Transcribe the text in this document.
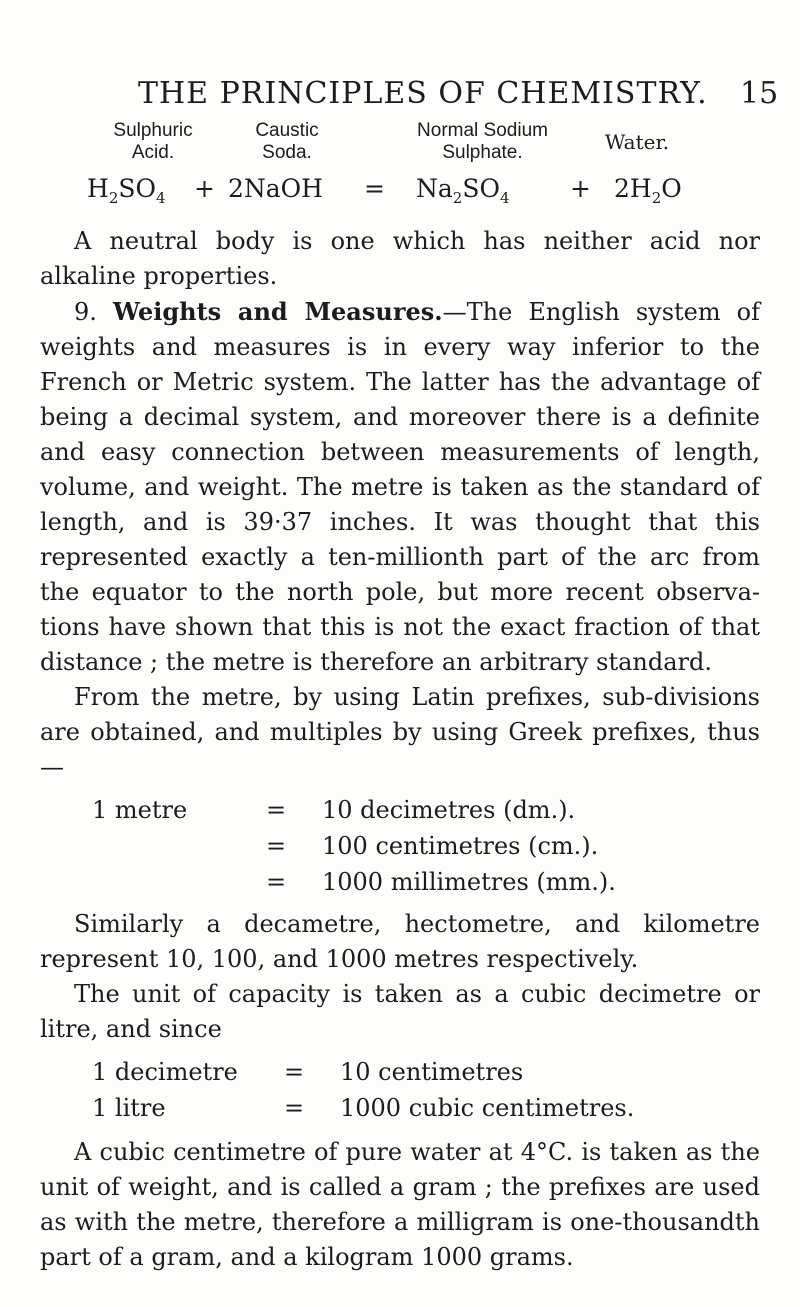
THE PRINCIPLES OF CHEMISTRY. 15
Sulphuric
Acid.
Caustic
Soda.
Normal Sodium
Sulphate.	Water.
$H_2SO_4$ + 2NaOH = $Na_2SO_4 + 2H_2O$

A neutral body is one which has neither acid nor alkaline properties.

9. Weights and Measures.—The English system of weights and measures is in every way inferior to the French or Metric system. The latter has the advantage of being a decimal system, and moreover there is a definite and easy connection between measurements of length, volume, and weight. The metre is taken as the standard of length, and is 39·37 inches. It was thought that this represented exactly a ten-millionth part of the arc from the equator to the north pole, but more recent observations have shown that this is not the exact fraction of that distance ; the metre is therefore an arbitrary standard.

From the metre, by using Latin prefixes, sub-divisions are obtained, and multiples by using Greek prefixes, thus—

1 metre	= 10 decimetres (dm.).
= 100 centimetres (cm.).
= 1000 millimetres (mm.).

Similarly a decametre, hectometre, and kilometre represent 10, 100, and 1000 metres respectively.

The unit of capacity is taken as a cubic decimetre or litre, and since

1 decimetre = 10 centimetres
1 litre	= 1000 cubic centimetres.

A cubic centimetre of pure water at 4°C. is taken as the unit of weight, and is called a gram ; the prefixes are used as with the metre, therefore a milligram is one-thousandth part of a gram, and a kilogram 1000 grams.
